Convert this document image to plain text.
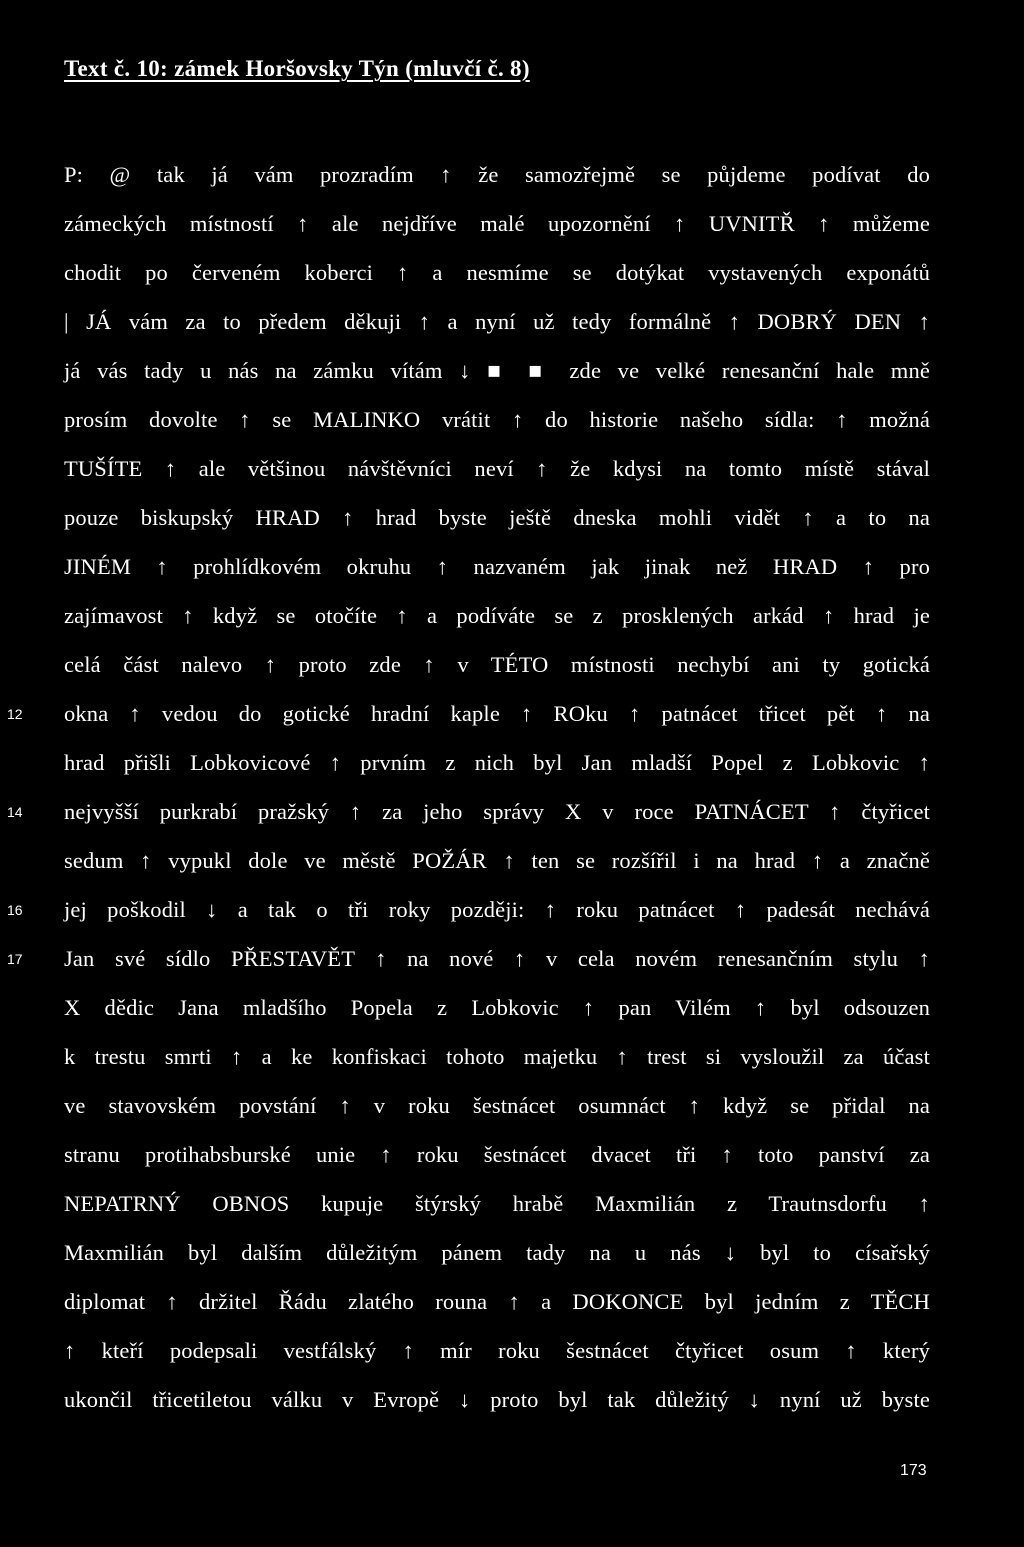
Text č. 10: zámek Horšovsky Týn (mluvčí č. 8)
P: @ tak já vám prozradím ↑ že samozřejmě se půjdeme podívat do
zámeckých místností ↑ ale nejdříve malé upozornění ↑ UVNITŘ ↑ můžeme
chodit po červeném koberci ↑ a nesmíme se dotýkat vystavených exponátů
| JÁ vám za to předem děkuji ↑ a nyní už tedy formálně ↑ DOBRÝ DEN ↑
já vás tady u nás na zámku vítám ↓ ■ ■ zde ve velké renesanční hale mně
prosím dovolte ↑ se MALINKO vrátit ↑ do historie našeho sídla: ↑ možná
TUŠÍTE ↑ ale většinou návštěvníci neví ↑ že kdysi na tomto místě stával
pouze biskupský HRAD ↑ hrad byste ještě dneska mohli vidět ↑ a to na
JINÉM ↑ prohlídkovém okruhu ↑ nazvaném jak jinak než HRAD ↑ pro
zajímavost ↑ když se otočíte ↑ a podíváte se z prosklených arkád ↑ hrad je
celá část nalevo ↑ proto zde ↑ v TÉTO místnosti nechybí ani ty gotická
okna ↑ vedou do gotické hradní kaple ↑ ROku ↑ patnácet třicet pět ↑ na
hrad přišli Lobkovicové ↑ prvním z nich byl Jan mladší Popel z Lobkovic ↑
nejvyšší purkrabí pražský ↑ za jeho správy X v roce PATNÁCET ↑ čtyřicet
sedum ↑ vypukl dole ve městě POŽÁR ↑ ten se rozšířil i na hrad ↑ a značně
jej poškodil ↓ a tak o tři roky později: ↑ roku patnácet ↑ padesát nechává
Jan své sídlo PŘESTAVĚT ↑ na nové ↑ v cela novém renesančním stylu ↑
X dědic Jana mladšího Popela z Lobkovic ↑ pan Vilém ↑ byl odsouzen
k trestu smrti ↑ a ke konfiskaci tohoto majetku ↑ trest si vysloužil za účast
ve stavovském povstání ↑ v roku šestnácet osumnáct ↑ když se přidal na
stranu protihabsburské unie ↑ roku šestnácet dvacet tři ↑ toto panství za
NEPATRNÝ OBNOS kupuje štýrský hrabě Maxmilián z Trautnsdorfu ↑
Maxmilián byl dalším důležitým pánem tady na u nás ↓ byl to císařský
diplomat ↑ držitel Řádu zlatého rouna ↑ a DOKONCE byl jedním z TĚCH
↑ kteří podepsali vestfálský ↑ mír roku šestnácet čtyřicet osum ↑ který
ukončil třicetiletou válku v Evropě ↓ proto byl tak důležitý ↓ nyní už byste
12
14
16
17
173
